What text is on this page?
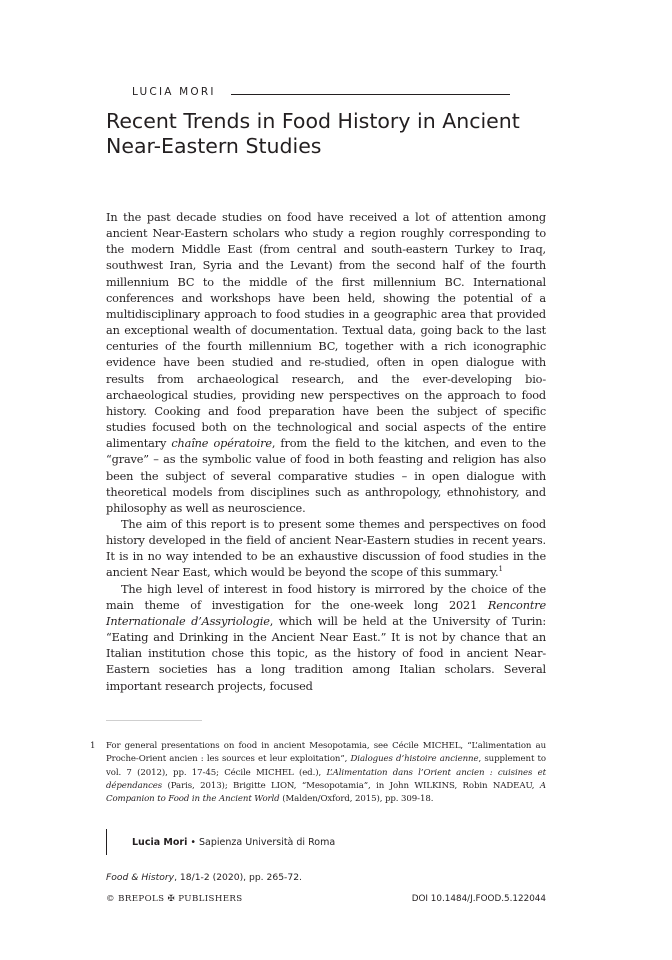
LUCIA MORI
Recent Trends in Food History in Ancient
Near-Eastern Studies

In the past decade studies on food have received a lot of attention among ancient Near-Eastern scholars who study a region roughly corresponding to the modern Middle East (from central and south-eastern Turkey to Iraq, southwest Iran, Syria and the Levant) from the second half of the fourth millennium BC to the middle of the first millennium BC. International conferences and workshops have been held, showing the potential of a multidisciplinary approach to food studies in a geographic area that provided an exceptional wealth of documentation. Textual data, going back to the last centuries of the fourth millennium BC, together with a rich iconographic evidence have been studied and re-studied, often in open dialogue with results from archaeological research, and the ever-developing bio-archaeological studies, providing new perspectives on the approach to food history. Cooking and food preparation have been the subject of specific studies focused both on the technological and social aspects of the entire alimentary chaîne opératoire, from the field to the kitchen, and even to the “grave” – as the symbolic value of food in both feasting and religion has also been the subject of several comparative studies – in open dialogue with theoretical models from disciplines such as anthropology, ethnohistory, and philosophy as well as neuroscience.

The aim of this report is to present some themes and perspectives on food history developed in the field of ancient Near-Eastern studies in recent years. It is in no way intended to be an exhaustive discussion of food studies in the ancient Near East, which would be beyond the scope of this summary.$^1$

The high level of interest in food history is mirrored by the choice of the main theme of investigation for the one-week long 2021 Rencontre Internationale d’Assyriologie, which will be held at the University of Turin: “Eating and Drinking in the Ancient Near East.” It is not by chance that an Italian institution chose this topic, as the history of food in ancient Near-Eastern societies has a long tradition among Italian scholars. Several important research projects, focused

1 For general presentations on food in ancient Mesopotamia, see Cécile MICHEL, “L’alimentation au Proche-Orient ancien : les sources et leur exploitation”, Dialogues d’histoire ancienne, supplement to vol. 7 (2012), pp. 17-45; Cécile MICHEL (ed.), L’Alimentation dans l’Orient ancien : cuisines et dépendances (Paris, 2013); Brigitte LION, “Mesopotamia”, in John WILKINS, Robin NADEAU, A Companion to Food in the Ancient World (Malden/Oxford, 2015), pp. 309-18.
Lucia Mori • Sapienza Università di Roma
Food & History, 18/1-2 (2020), pp. 265-72.
© BREPOLS ✠ PUBLISHERS	DOI 10.1484/J.FOOD.5.122044
